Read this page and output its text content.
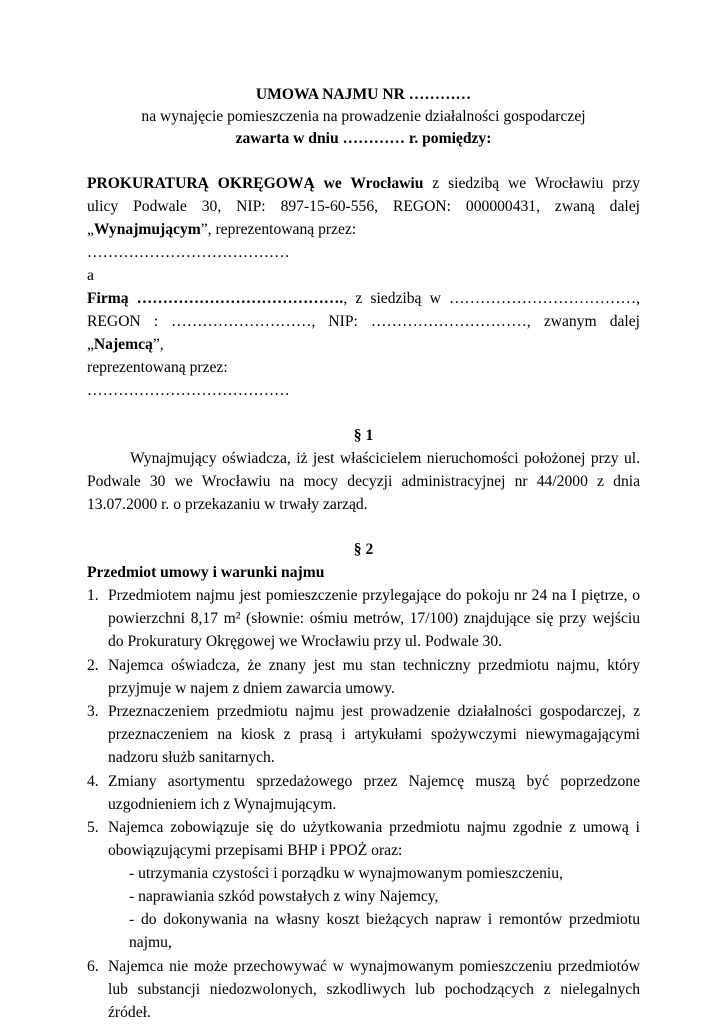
UMOWA NAJMU NR …………

na wynajęcie pomieszczenia na prowadzenie działalności gospodarczej

zawarta w dniu ………… r. pomiędzy:

PROKURATURĄ OKRĘGOWĄ we Wrocławiu z siedzibą we Wrocławiu przy

ulicy Podwale 30, NIP: 897-15-60-556, REGON: 000000431, zwaną dalej

„Wynajmującym”, reprezentowaną przez:

…………………………………

a

Firmą …………………………………., z siedzibą w ………………………………,

REGON : ………………………, NIP: …………………………, zwanym dalej „Najemcą”,

reprezentowaną przez:

…………………………………

§ 1

Wynajmujący oświadcza, iż jest właścicielem nieruchomości położonej przy ul. Podwale 30 we Wrocławiu na mocy decyzji administracyjnej nr 44/2000 z dnia 13.07.2000 r. o przekazaniu w trwały zarząd.

§ 2

Przedmiot umowy i warunki najmu

1. Przedmiotem najmu jest pomieszczenie przylegające do pokoju nr 24 na I piętrze, o powierzchni 8,17 m² (słownie: ośmiu metrów, 17/100) znajdujące się przy wejściu do Prokuratury Okręgowej we Wrocławiu przy ul. Podwale 30.
2. Najemca oświadcza, że znany jest mu stan techniczny przedmiotu najmu, który przyjmuje w najem z dniem zawarcia umowy.
3. Przeznaczeniem przedmiotu najmu jest prowadzenie działalności gospodarczej, z przeznaczeniem na kiosk z prasą i artykułami spożywczymi niewymagającymi nadzoru służb sanitarnych.
4. Zmiany asortymentu sprzedażowego przez Najemcę muszą być poprzedzone uzgodnieniem ich z Wynajmującym.
5. Najemca zobowiązuje się do użytkowania przedmiotu najmu zgodnie z umową i obowiązującymi przepisami BHP i PPOŻ oraz:
- utrzymania czystości i porządku w wynajmowanym pomieszczeniu,
- naprawiania szkód powstałych z winy Najemcy,
- do dokonywania na własny koszt bieżących napraw i remontów przedmiotu najmu,
6. Najemca nie może przechowywać w wynajmowanym pomieszczeniu przedmiotów lub substancji niedozwolonych, szkodliwych lub pochodzących z nielegalnych źródeł.
